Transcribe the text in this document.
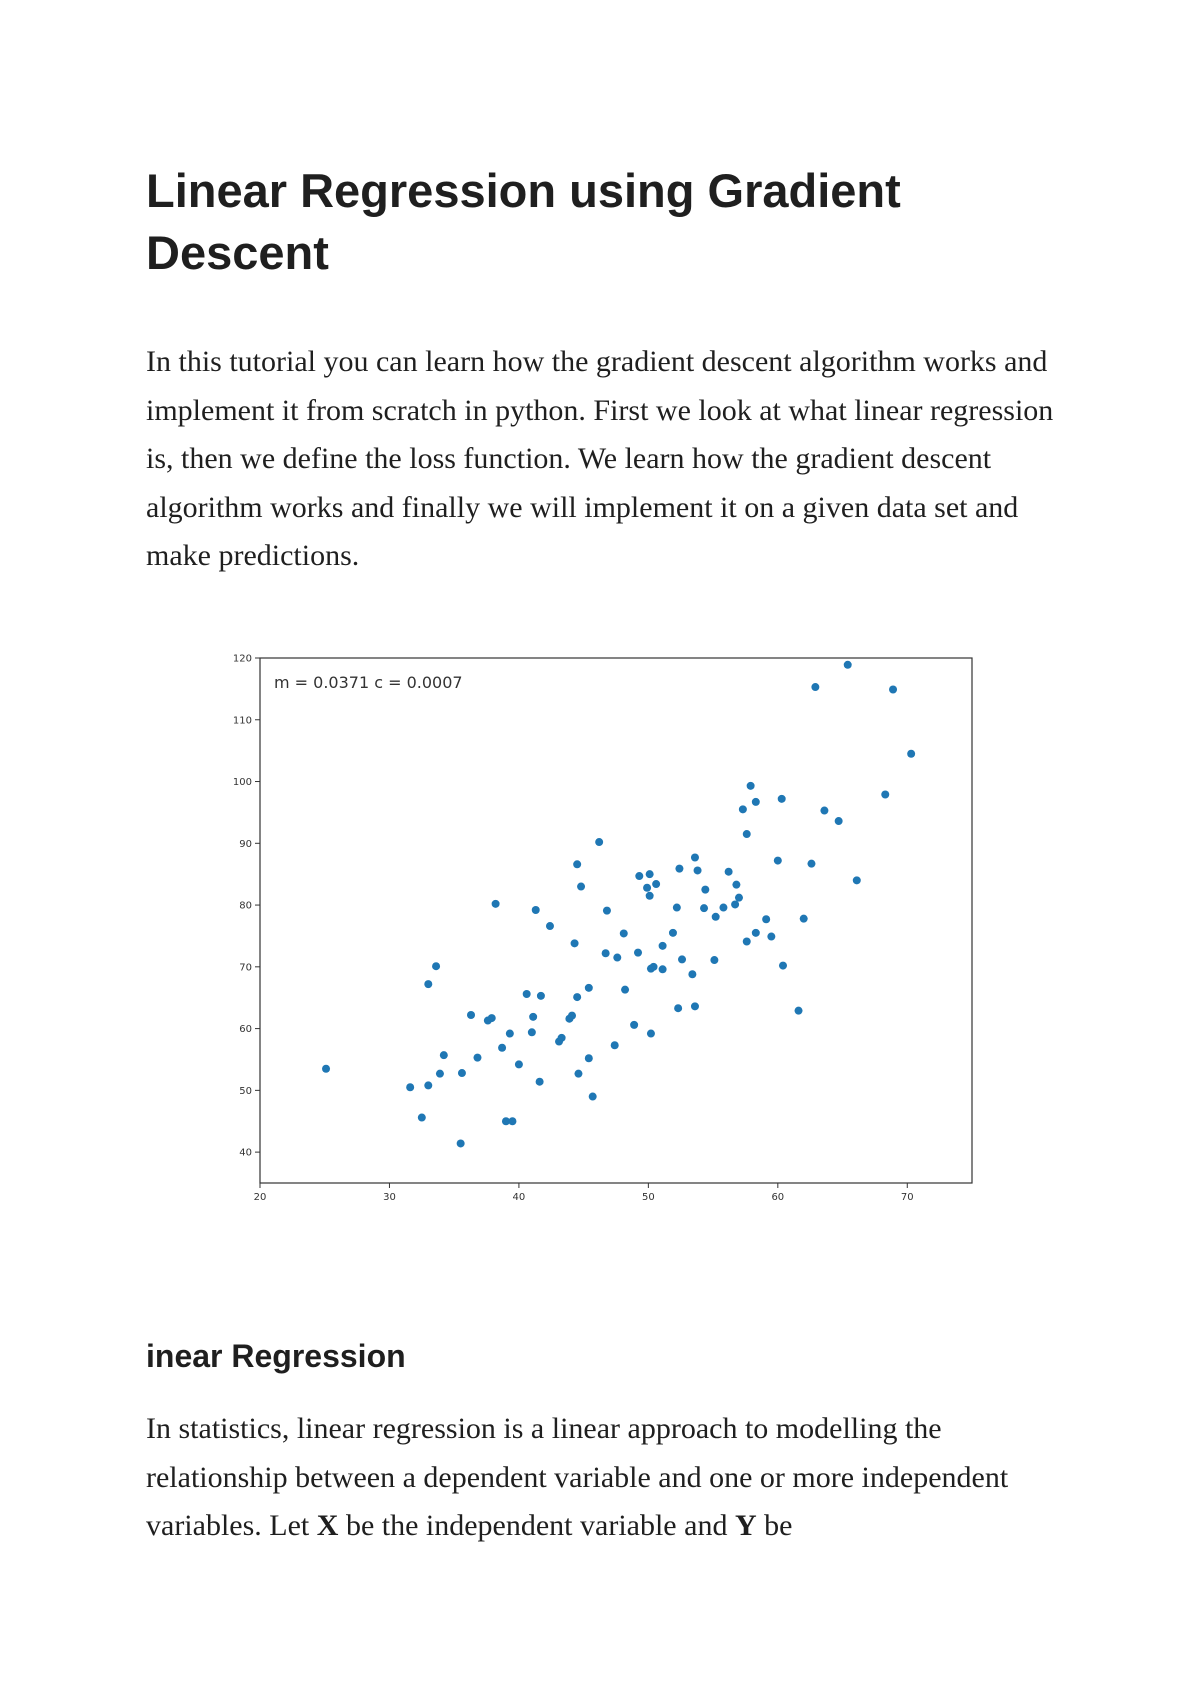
Linear Regression using Gradient Descent

In this tutorial you can learn how the gradient descent algorithm works and implement it from scratch in python. First we look at what linear regression is, then we define the loss function. We learn how the gradient descent algorithm works and finally we will implement it on a given data set and make predictions.

20	30	40	50	60	70
40
50
60
70
80
90
100
110
120
m = 0.0371 c = 0.0007
inear Regression

In statistics, linear regression is a linear approach to modelling the relationship between a dependent variable and one or more independent variables. Let X be the independent variable and Y be
